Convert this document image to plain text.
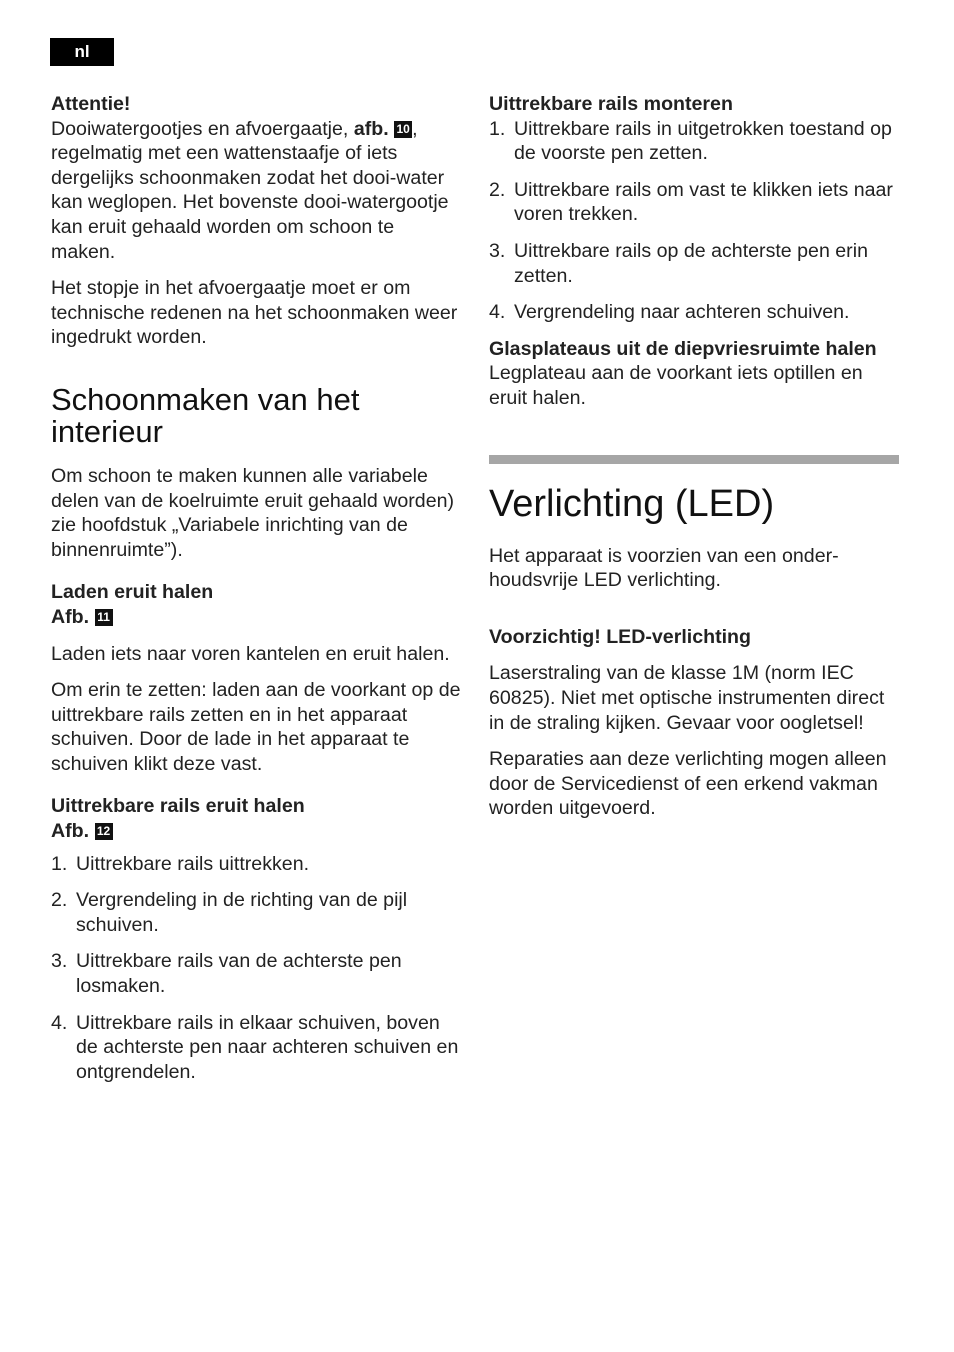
nl

Attentie!

Dooiwatergootjes en afvoergaatje, afb. 10 , regelmatig met een wattenstaafje of iets dergelijks schoonmaken zodat het dooi-water kan weglopen. Het bovenste dooi-watergootje kan eruit gehaald worden om schoon te maken.

Het stopje in het afvoergaatje moet er om technische redenen na het schoonmaken weer ingedrukt worden.

Schoonmaken van het interieur

Om schoon te maken kunnen alle variabele delen van de koelruimte eruit gehaald worden) zie hoofdstuk „Variabele inrichting van de binnenruimte”).

Laden eruit halen

Afb. 11

Laden iets naar voren kantelen en eruit halen.

Om erin te zetten: laden aan de voorkant op de uittrekbare rails zetten en in het apparaat schuiven. Door de lade in het apparaat te schuiven klikt deze vast.

Uittrekbare rails eruit halen

Afb. 12

1. Uittrekbare rails uittrekken.
2. Vergrendeling in de richting van de pijl schuiven.
3. Uittrekbare rails van de achterste pen losmaken.
4. Uittrekbare rails in elkaar schuiven, boven de achterste pen naar achteren schuiven en ontgrendelen.

Uittrekbare rails monteren

1. Uittrekbare rails in uitgetrokken toestand op de voorste pen zetten.
2. Uittrekbare rails om vast te klikken iets naar voren trekken.
3. Uittrekbare rails op de achterste pen erin zetten.
4. Vergrendeling naar achteren schuiven.

Glasplateaus uit de diepvriesruimte halen

Legplateau aan de voorkant iets optillen en eruit halen.

Verlichting (LED)

Het apparaat is voorzien van een onder-houdsvrije LED verlichting.

Voorzichtig! LED-verlichting

Laserstraling van de klasse 1M (norm IEC 60825). Niet met optische instrumenten direct in de straling kijken. Gevaar voor oogletsel!

Reparaties aan deze verlichting mogen alleen door de Servicedienst of een erkend vakman worden uitgevoerd.
